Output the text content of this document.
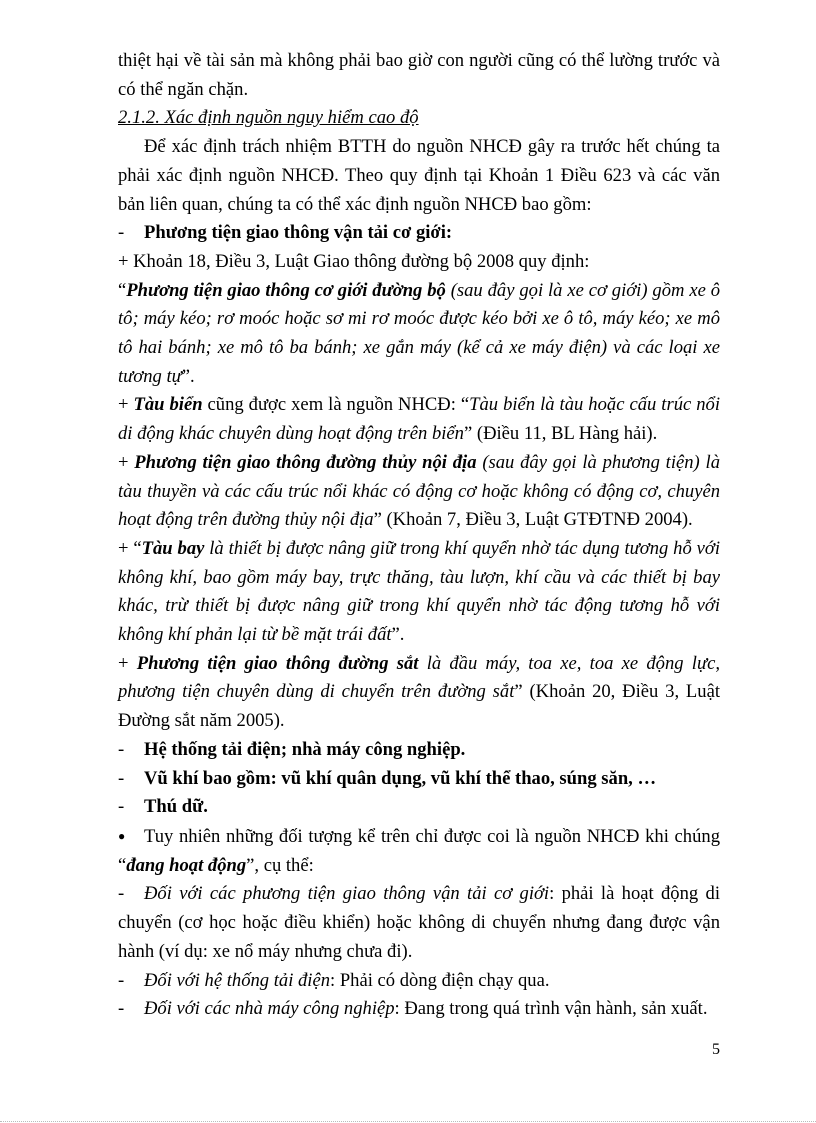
thiệt hại về tài sản mà không phải bao giờ con người cũng có thể lường trước và có thể ngăn chặn.

2.1.2. Xác định nguồn nguy hiểm cao độ

Để xác định trách nhiệm BTTH do nguồn NHCĐ gây ra trước hết chúng ta phải xác định nguồn NHCĐ. Theo quy định tại Khoản 1 Điều 623 và các văn bản liên quan, chúng ta có thể xác định nguồn NHCĐ bao gồm:

- Phương tiện giao thông vận tải cơ giới:

+ Khoản 18, Điều 3, Luật Giao thông đường bộ 2008 quy định:

“Phương tiện giao thông cơ giới đường bộ (sau đây gọi là xe cơ giới) gồm xe ô tô; máy kéo; rơ moóc hoặc sơ mi rơ moóc được kéo bởi xe ô tô, máy kéo; xe mô tô hai bánh; xe mô tô ba bánh; xe gắn máy (kể cả xe máy điện) và các loại xe tương tự”.

+ Tàu biển cũng được xem là nguồn NHCĐ: “Tàu biển là tàu hoặc cấu trúc nổi di động khác chuyên dùng hoạt động trên biển” (Điều 11, BL Hàng hải).

+ Phương tiện giao thông đường thủy nội địa (sau đây gọi là phương tiện) là tàu thuyền và các cấu trúc nổi khác có động cơ hoặc không có động cơ, chuyên hoạt động trên đường thủy nội địa” (Khoản 7, Điều 3, Luật GTĐTNĐ 2004).

+ “Tàu bay là thiết bị được nâng giữ trong khí quyển nhờ tác dụng tương hỗ với không khí, bao gồm máy bay, trực thăng, tàu lượn, khí cầu và các thiết bị bay khác, trừ thiết bị được nâng giữ trong khí quyển nhờ tác động tương hỗ với không khí phản lại từ bề mặt trái đất”.

+ Phương tiện giao thông đường sắt là đầu máy, toa xe, toa xe động lực, phương tiện chuyên dùng di chuyển trên đường sắt” (Khoản 20, Điều 3, Luật Đường sắt năm 2005).

- Hệ thống tải điện; nhà máy công nghiệp.

- Vũ khí bao gồm: vũ khí quân dụng, vũ khí thể thao, súng săn, …

- Thú dữ.

● Tuy nhiên những đối tượng kể trên chỉ được coi là nguồn NHCĐ khi chúng “đang hoạt động”, cụ thể:

- Đối với các phương tiện giao thông vận tải cơ giới: phải là hoạt động di chuyển (cơ học hoặc điều khiển) hoặc không di chuyển nhưng đang được vận hành (ví dụ: xe nổ máy nhưng chưa đi).

- Đối với hệ thống tải điện: Phải có dòng điện chạy qua.

- Đối với các nhà máy công nghiệp: Đang trong quá trình vận hành, sản xuất.

5
